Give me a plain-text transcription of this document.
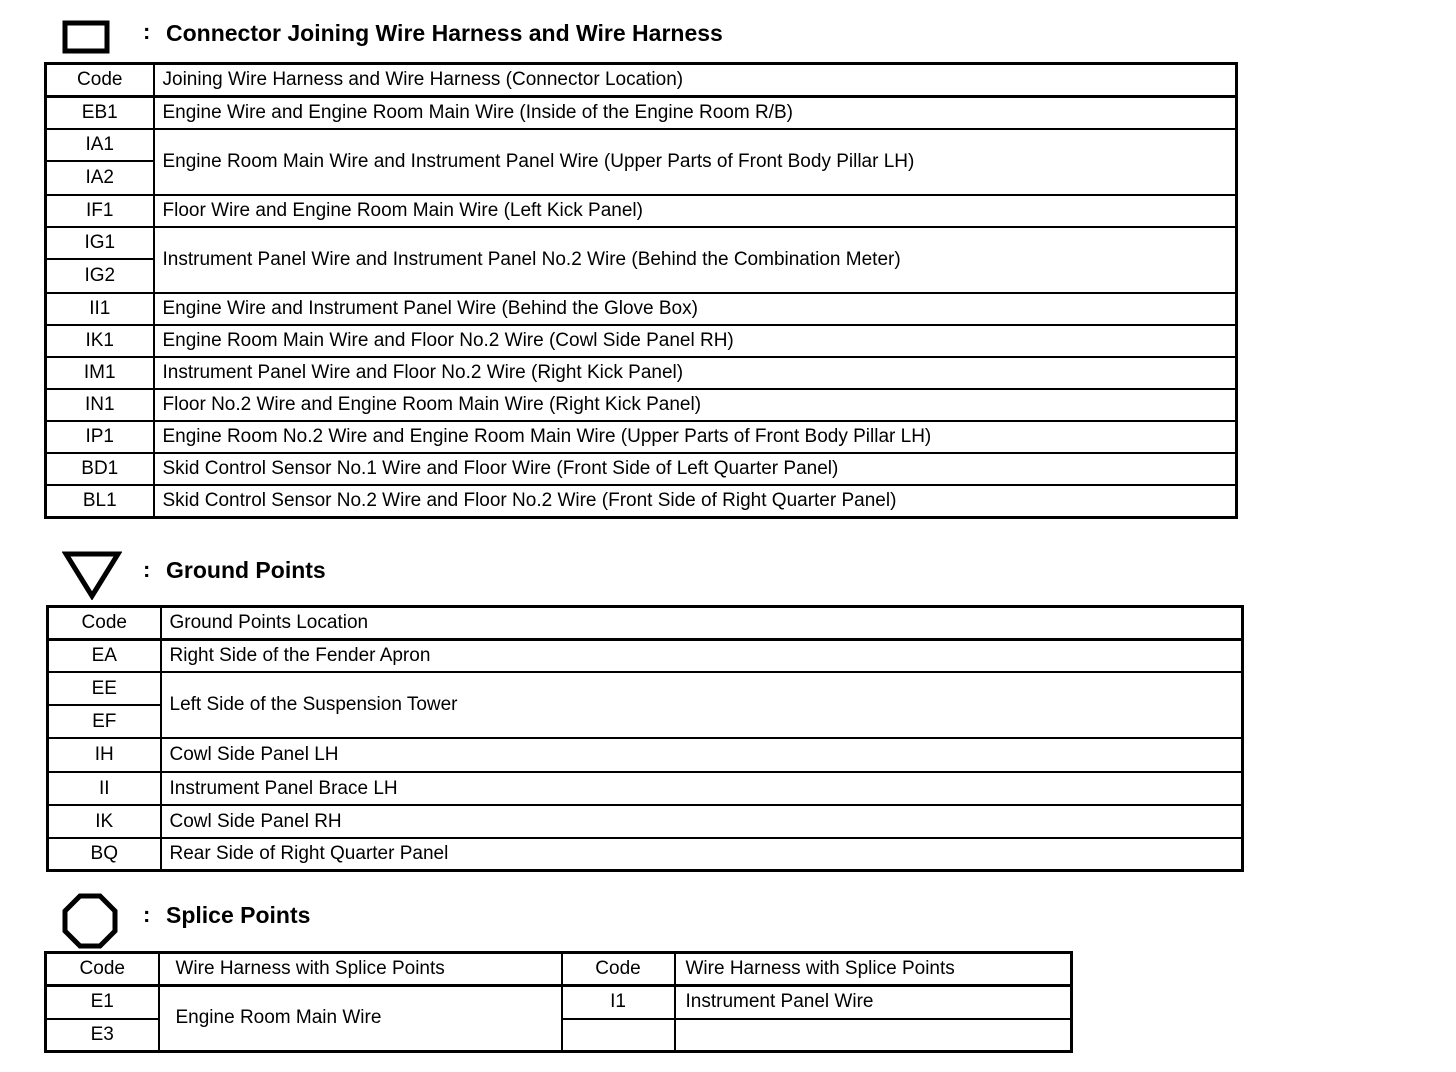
: Connector Joining Wire Harness and Wire Harness
Code	Joining Wire Harness and Wire Harness (Connector Location)
EB1	Engine Wire and Engine Room Main Wire (Inside of the Engine Room R/B)
IA1	Engine Room Main Wire and Instrument Panel Wire (Upper Parts of Front Body Pillar LH)
IA2	
IF1	Floor Wire and Engine Room Main Wire (Left Kick Panel)
IG1	Instrument Panel Wire and Instrument Panel No.2 Wire (Behind the Combination Meter)
IG2	
II1	Engine Wire and Instrument Panel Wire (Behind the Glove Box)
IK1	Engine Room Main Wire and Floor No.2 Wire (Cowl Side Panel RH)
IM1	Instrument Panel Wire and Floor No.2 Wire (Right Kick Panel)
IN1	Floor No.2 Wire and Engine Room Main Wire (Right Kick Panel)
IP1	Engine Room No.2 Wire and Engine Room Main Wire (Upper Parts of Front Body Pillar LH)
BD1	Skid Control Sensor No.1 Wire and Floor Wire (Front Side of Left Quarter Panel)
BL1	Skid Control Sensor No.2 Wire and Floor No.2 Wire (Front Side of Right Quarter Panel)
: Ground Points
Code	Ground Points Location
EA	Right Side of the Fender Apron
EE	Left Side of the Suspension Tower
EF	
IH	Cowl Side Panel LH
II	Instrument Panel Brace LH
IK	Cowl Side Panel RH
BQ	Rear Side of Right Quarter Panel
: Splice Points
Code	Wire Harness with Splice Points	Code	Wire Harness with Splice Points
E1	Engine Room Main Wire	I1	Instrument Panel Wire
E3			
